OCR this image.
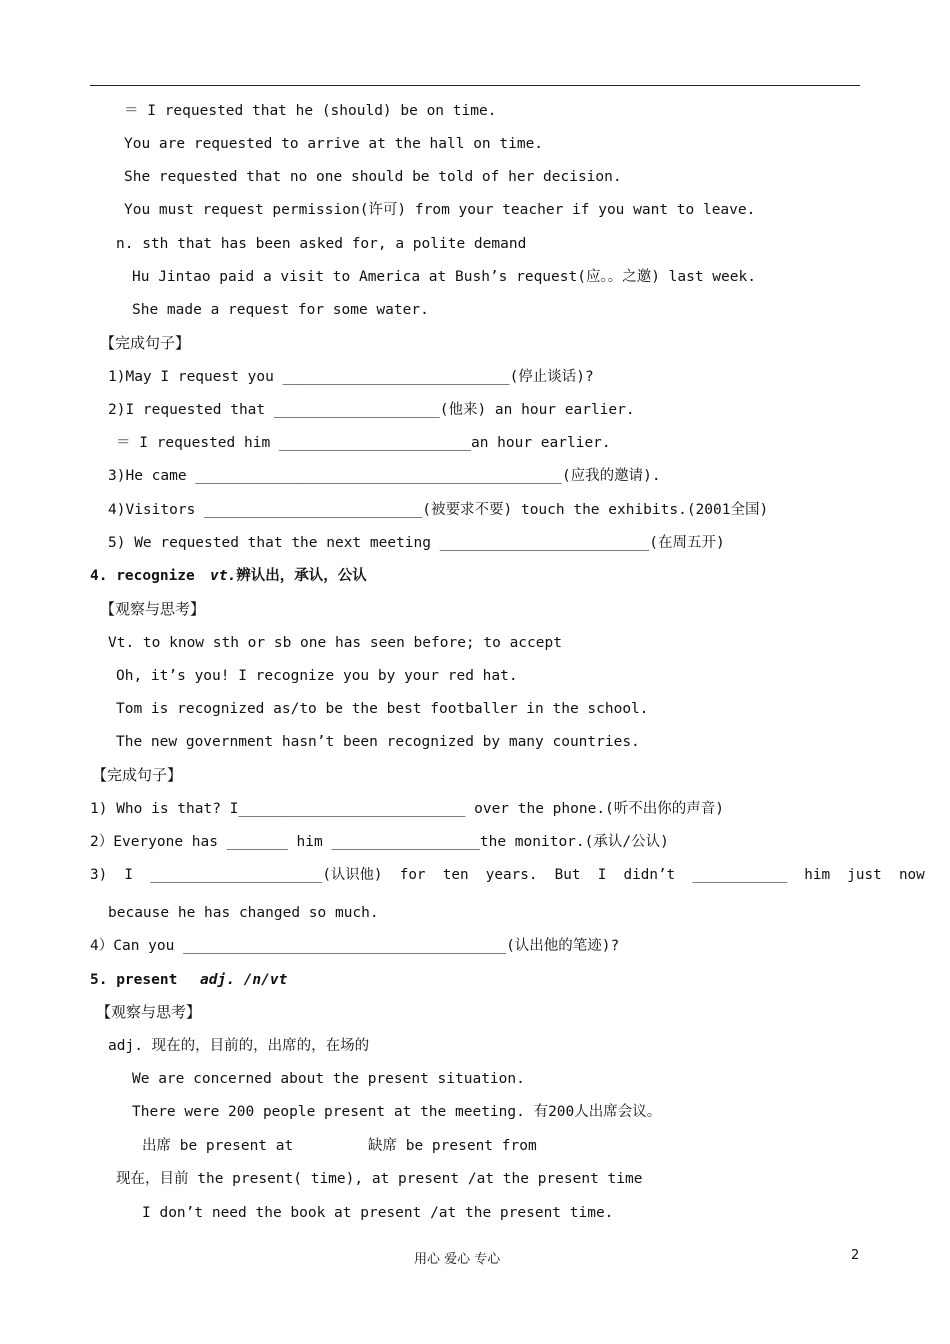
＝ I requested that he (should) be on time.
You are requested to arrive at the hall on time.
She requested that no one should be told of her decision.
You must request permission(许可) from your teacher if you want to leave.
n. sth that has been asked for, a polite demand
Hu Jintao paid a visit to America at Bush’s request(应。。之邀) last week.
She made a request for some water.
【完成句子】
1)May I request you __________________________(停止谈话)?
2)I requested that ___________________(他来) an hour earlier.
＝ I requested him ______________________an hour earlier.
3)He came __________________________________________(应我的邀请).
4)Visitors _________________________(被要求不要) touch the exhibits.(2001全国)
5) We requested that the next meeting ________________________(在周五开)
4. recognize vt.辨认出，承认，公认
【观察与思考】
Vt. to know sth or sb one has seen before; to accept
Oh, it’s you! I recognize you by your red hat.
Tom is recognized as/to be the best footballer in the school.
The new government hasn’t been recognized by many countries.
【完成句子】
1) Who is that? I__________________________ over the phone.(听不出你的声音)
2）Everyone has _______ him _________________the monitor.(承认/公认)
3)  I  ____________________(认识他)  for  ten  years.  But  I  didn’t  ___________  him  just  now
because he has changed so much.
4）Can you _____________________________________(认出他的笔迹)?
5. present adj. /n/vt
【观察与思考】
adj. 现在的，目前的，出席的，在场的
We are concerned about the present situation.
There were 200 people present at the meeting. 有200人出席会议。
出席 be present at	缺席 be present from
现在，目前 the present( time), at present /at the present time
I don’t need the book at present /at the present time.
用心 爱心 专心	2
